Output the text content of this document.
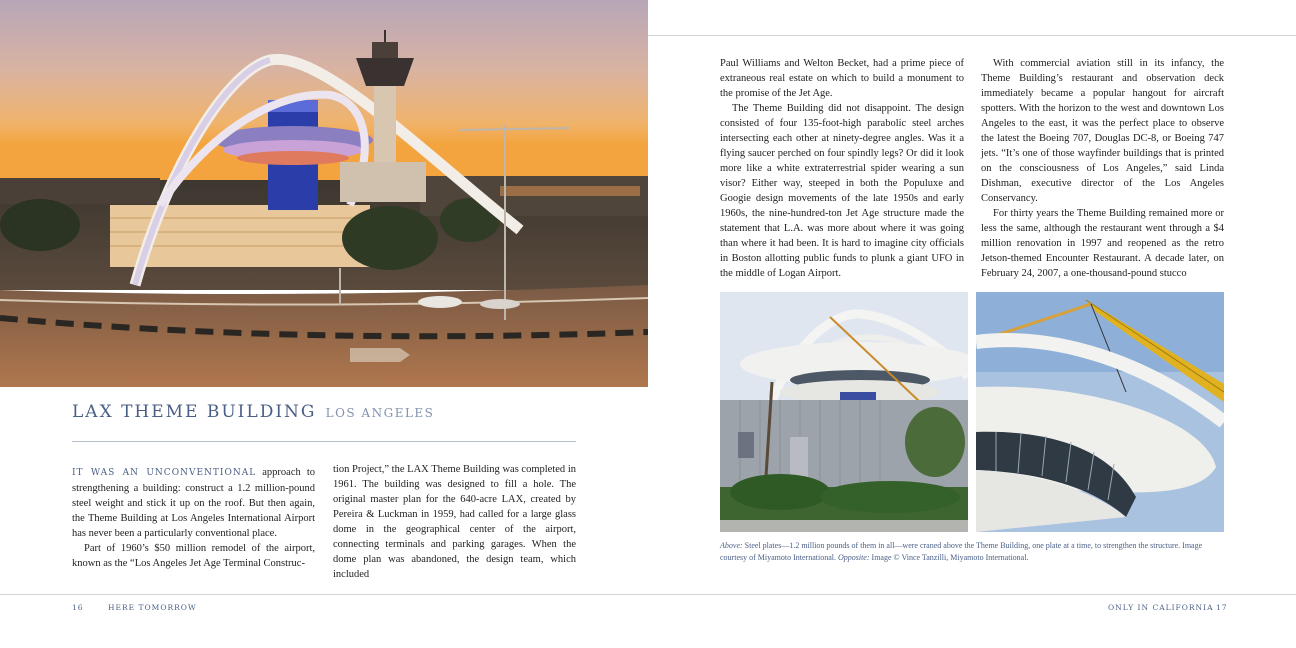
LAX THEME BUILDING LOS ANGELES

IT WAS AN UNCONVENTIONAL approach to strengthening a building: construct a 1.2 million-pound steel weight and stick it up on the roof. But then again, the Theme Building at Los Angeles International Airport has never been a particularly conventional place.

Part of 1960’s $50 million remodel of the airport, known as the “Los Angeles Jet Age Terminal Construc-

tion Project,” the LAX Theme Building was completed in 1961. The building was designed to fill a hole. The original master plan for the 640-acre LAX, created by Pereira & Luckman in 1959, had called for a large glass dome in the geographical center of the airport, connecting terminals and parking garages. When the dome plan was abandoned, the design team, which included

Paul Williams and Welton Becket, had a prime piece of extraneous real estate on which to build a monument to the promise of the Jet Age.

The Theme Building did not disappoint. The design consisted of four 135-foot-high parabolic steel arches intersecting each other at ninety-degree angles. Was it a flying saucer perched on four spindly legs? Or did it look more like a white extraterrestrial spider wearing a sun visor? Either way, steeped in both the Populuxe and Googie design movements of the late 1950s and early 1960s, the nine-hundred-ton Jet Age structure made the statement that L.A. was more about where it was going than where it had been. It is hard to imagine city officials in Boston allotting public funds to plunk a giant UFO in the middle of Logan Airport.

With commercial aviation still in its infancy, the Theme Building’s restaurant and observation deck immediately became a popular hangout for aircraft spotters. With the horizon to the west and downtown Los Angeles to the east, it was the perfect place to observe the latest the Boeing 707, Douglas DC-8, or Boeing 747 jets. “It’s one of those wayfinder buildings that is printed on the consciousness of Los Angeles,” said Linda Dishman, executive director of the Los Angeles Conservancy.

For thirty years the Theme Building remained more or less the same, although the restaurant went through a $4 million renovation in 1997 and reopened as the retro Jetson-themed Encounter Restaurant. A decade later, on February 24, 2007, a one-thousand-pound stucco

Above: Steel plates—1.2 million pounds of them in all—were craned above the Theme Building, one plate at a time, to strengthen the structure. Image courtesy of Miyamoto International. Opposite: Image © Vince Tanzilli, Miyamoto International.
16	HERE TOMORROW	ONLY IN CALIFORNIA 17
